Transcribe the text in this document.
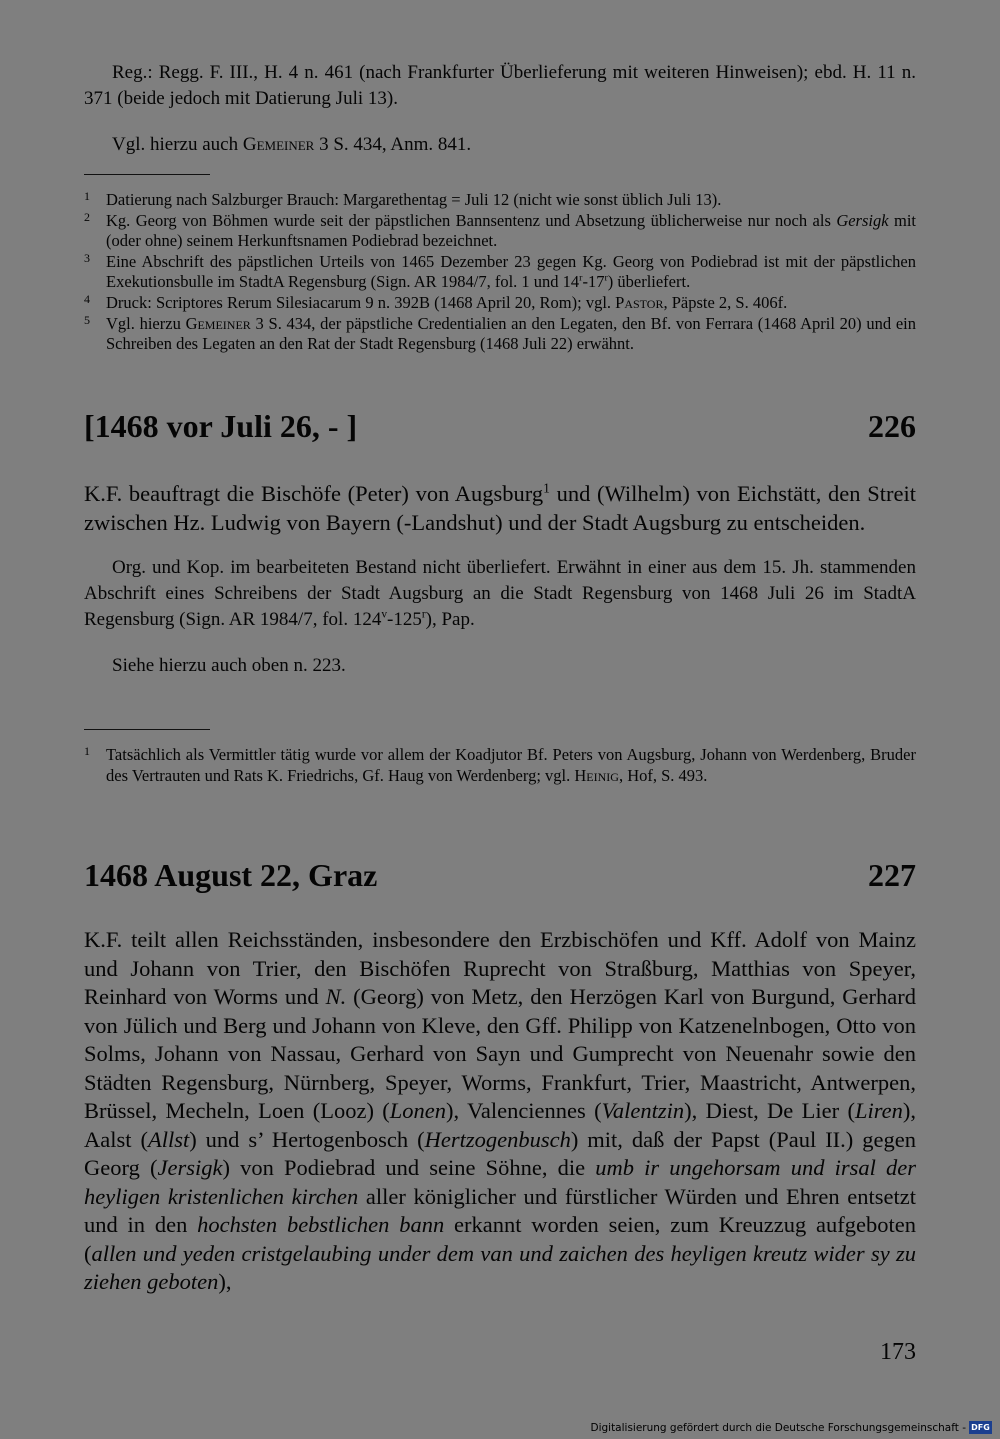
Reg.: Regg. F. III., H. 4 n. 461 (nach Frankfurter Überlieferung mit weiteren Hinweisen); ebd. H. 11 n. 371 (beide jedoch mit Datierung Juli 13).

Vgl. hierzu auch Gemeiner 3 S. 434, Anm. 841.

1 Datierung nach Salzburger Brauch: Margarethentag = Juli 12 (nicht wie sonst üblich Juli 13).
2 Kg. Georg von Böhmen wurde seit der päpstlichen Bannsentenz und Absetzung üblicherweise nur noch als Gersigk mit (oder ohne) seinem Herkunftsnamen Podiebrad bezeichnet.
3 Eine Abschrift des päpstlichen Urteils von 1465 Dezember 23 gegen Kg. Georg von Podiebrad ist mit der päpstlichen Exekutionsbulle im StadtA Regensburg (Sign. AR 1984/7, fol. 1 und 14$^r$-17$^r$) überliefert.
4 Druck: Scriptores Rerum Silesiacarum 9 n. 392B (1468 April 20, Rom); vgl. Pastor, Päpste 2, S. 406f.
5 Vgl. hierzu Gemeiner 3 S. 434, der päpstliche Credentialien an den Legaten, den Bf. von Ferrara (1468 April 20) und ein Schreiben des Legaten an den Rat der Stadt Regensburg (1468 Juli 22) erwähnt.
[1468 vor Juli 26, - ]	226

K.F. beauftragt die Bischöfe (Peter) von Augsburg$^1$ und (Wilhelm) von Eichstätt, den Streit zwischen Hz. Ludwig von Bayern (-Landshut) und der Stadt Augsburg zu entscheiden.

Org. und Kop. im bearbeiteten Bestand nicht überliefert. Erwähnt in einer aus dem 15. Jh. stammenden Abschrift eines Schreibens der Stadt Augsburg an die Stadt Regensburg von 1468 Juli 26 im StadtA Regensburg (Sign. AR 1984/7, fol. 124$^v$-125$^r$), Pap.

Siehe hierzu auch oben n. 223.

1 Tatsächlich als Vermittler tätig wurde vor allem der Koadjutor Bf. Peters von Augsburg, Johann von Werdenberg, Bruder des Vertrauten und Rats K. Friedrichs, Gf. Haug von Werdenberg; vgl. Heinig, Hof, S. 493.
1468 August 22, Graz	227

K.F. teilt allen Reichsständen, insbesondere den Erzbischöfen und Kff. Adolf von Mainz und Johann von Trier, den Bischöfen Ruprecht von Straßburg, Matthias von Speyer, Reinhard von Worms und N. (Georg) von Metz, den Herzögen Karl von Burgund, Gerhard von Jülich und Berg und Johann von Kleve, den Gff. Philipp von Katzenelnbogen, Otto von Solms, Johann von Nassau, Gerhard von Sayn und Gumprecht von Neuenahr sowie den Städten Regensburg, Nürnberg, Speyer, Worms, Frankfurt, Trier, Maastricht, Antwerpen, Brüssel, Mecheln, Loen (Looz) (Lonen), Valenciennes (Valentzin), Diest, De Lier (Liren), Aalst (Allst) und s’ Hertogenbosch (Hertzogenbusch) mit, daß der Papst (Paul II.) gegen Georg (Jersigk) von Podiebrad und seine Söhne, die umb ir ungehorsam und irsal der heyligen kristenlichen kirchen aller königlicher und fürstlicher Würden und Ehren entsetzt und in den hochsten bebstlichen bann erkannt worden seien, zum Kreuzzug aufgeboten (allen und yeden cristgelaubing under dem van und zaichen des heyligen kreutz wider sy zu ziehen geboten),

173
Digitalisierung gefördert durch die Deutsche Forschungsgemeinschaft - DFG
